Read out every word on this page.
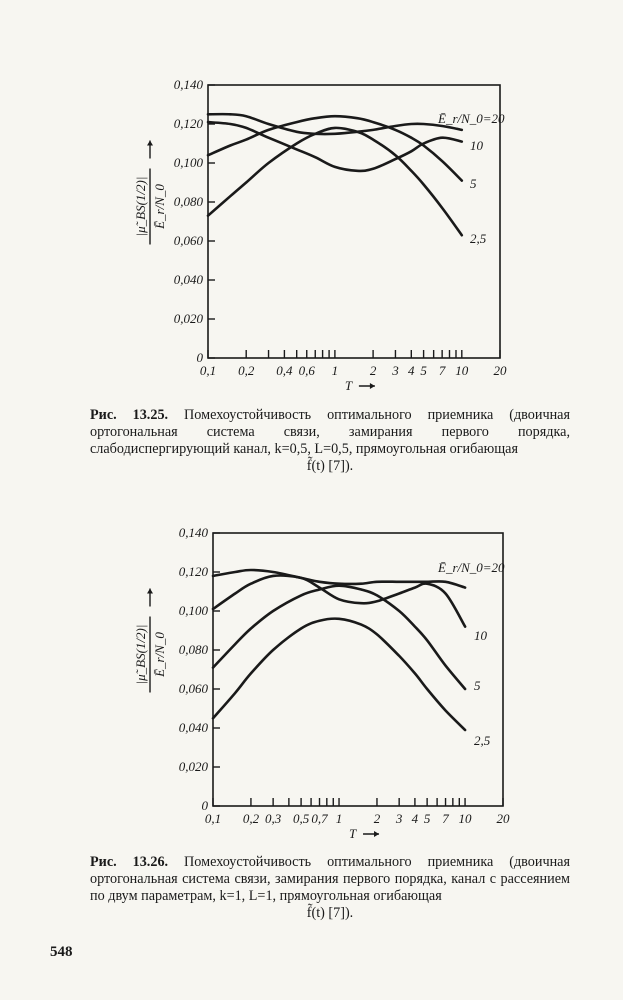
0
0,020
0,040
0,060
0,080
0,100
0,120
0,140
0,1 0,2 0,4 0,6 1 2 3 4 5 7 10 20
T
|μ̃_BS(1/2)| Ē_r/N_0
Ē_r/N_0=20
10
5
2,5
0
0,020
0,040
0,060
0,080
0,100
0,120
0,140
0,1 0,2 0,3 0,5 0,7 1 2 3 4 5 7 10 20
T
|μ̃_BS(1/2)| Ē_r/N_0
Ē_r/N_0=20
10
5
2,5
Рис. 13.25. Помехоустойчивость оптимального приемника (двоичная ортогональная система связи, замирания первого порядка, слабодиспергирующий канал, k=0,5, L=0,5, прямоугольная огибающая
f̃(t) [7]).
Рис. 13.26. Помехоустойчивость оптимального приемника (двоичная ортогональная система связи, замирания первого порядка, канал с рассеянием по двум параметрам, k=1, L=1, прямоугольная огибающая
f̃(t) [7]).
548
